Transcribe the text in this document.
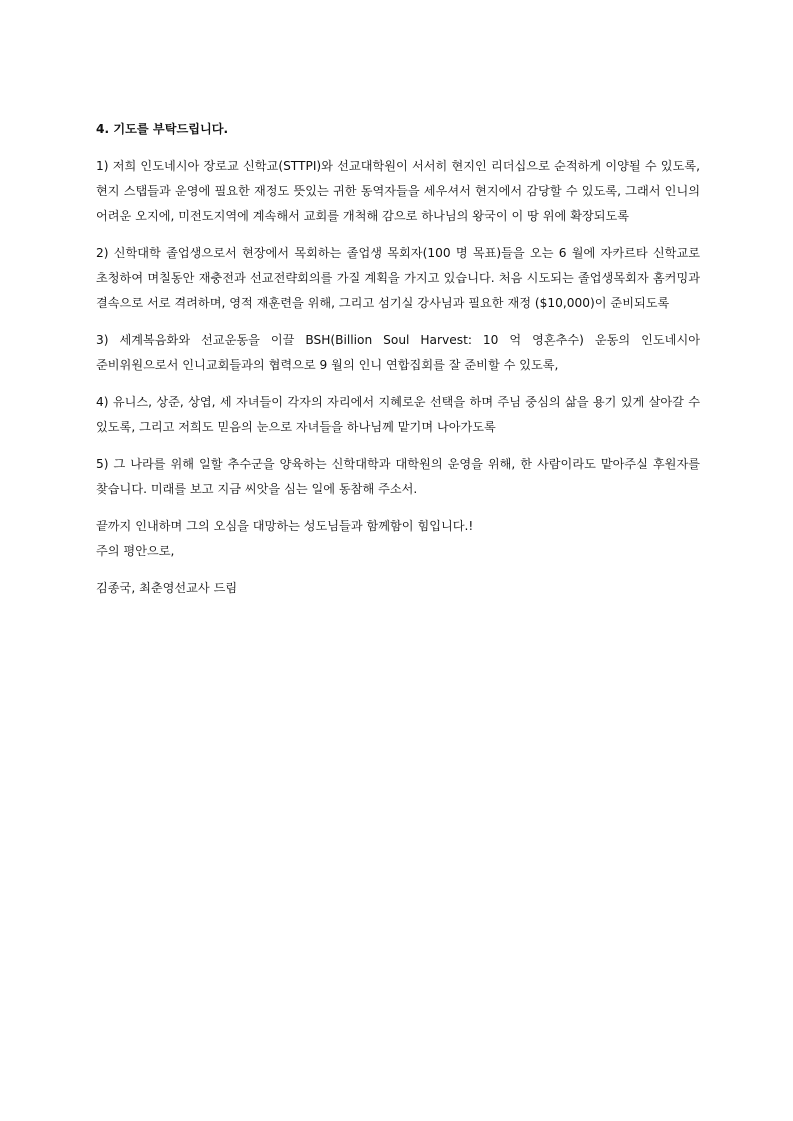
4. 기도를 부탁드립니다.

1) 저희 인도네시아 장로교 신학교(STTPI)와 선교대학원이 서서히 현지인 리더십으로 순적하게 이양될 수 있도록, 현지 스탭들과 운영에 필요한 재정도 뜻있는 귀한 동역자들을 세우셔서 현지에서 감당할 수 있도록, 그래서 인니의 어려운 오지에, 미전도지역에 계속해서 교회를 개척해 감으로 하나님의 왕국이 이 땅 위에 확장되도록

2) 신학대학 졸업생으로서 현장에서 목회하는 졸업생 목회자(100 명 목표)들을 오는 6 월에 자카르타 신학교로 초청하여 며칠동안 재충전과 선교전략회의를 가질 계획을 가지고 있습니다. 처음 시도되는 졸업생목회자 홈커밍과 결속으로 서로 격려하며, 영적 재훈련을 위해, 그리고 섬기실 강사님과 필요한 재정 ($10,000)이 준비되도록

3) 세계복음화와 선교운동을 이끌 BSH(Billion Soul Harvest: 10 억 영혼추수) 운동의 인도네시아 준비위원으로서 인니교회들과의 협력으로 9 월의 인니 연합집회를 잘 준비할 수 있도록,

4) 유니스, 상준, 상엽, 세 자녀들이 각자의 자리에서 지혜로운 선택을 하며 주님 중심의 삶을 용기 있게 살아갈 수 있도록, 그리고 저희도 믿음의 눈으로 자녀들을 하나님께 맡기며 나아가도록

5) 그 나라를 위해 일할 추수군을 양육하는 신학대학과 대학원의 운영을 위해, 한 사람이라도 맡아주실 후원자를 찾습니다. 미래를 보고 지금 씨앗을 심는 일에 동참해 주소서.

끝까지 인내하며 그의 오심을 대망하는 성도님들과 함께함이 힘입니다.!

주의 평안으로,

김종국, 최춘영선교사 드림
